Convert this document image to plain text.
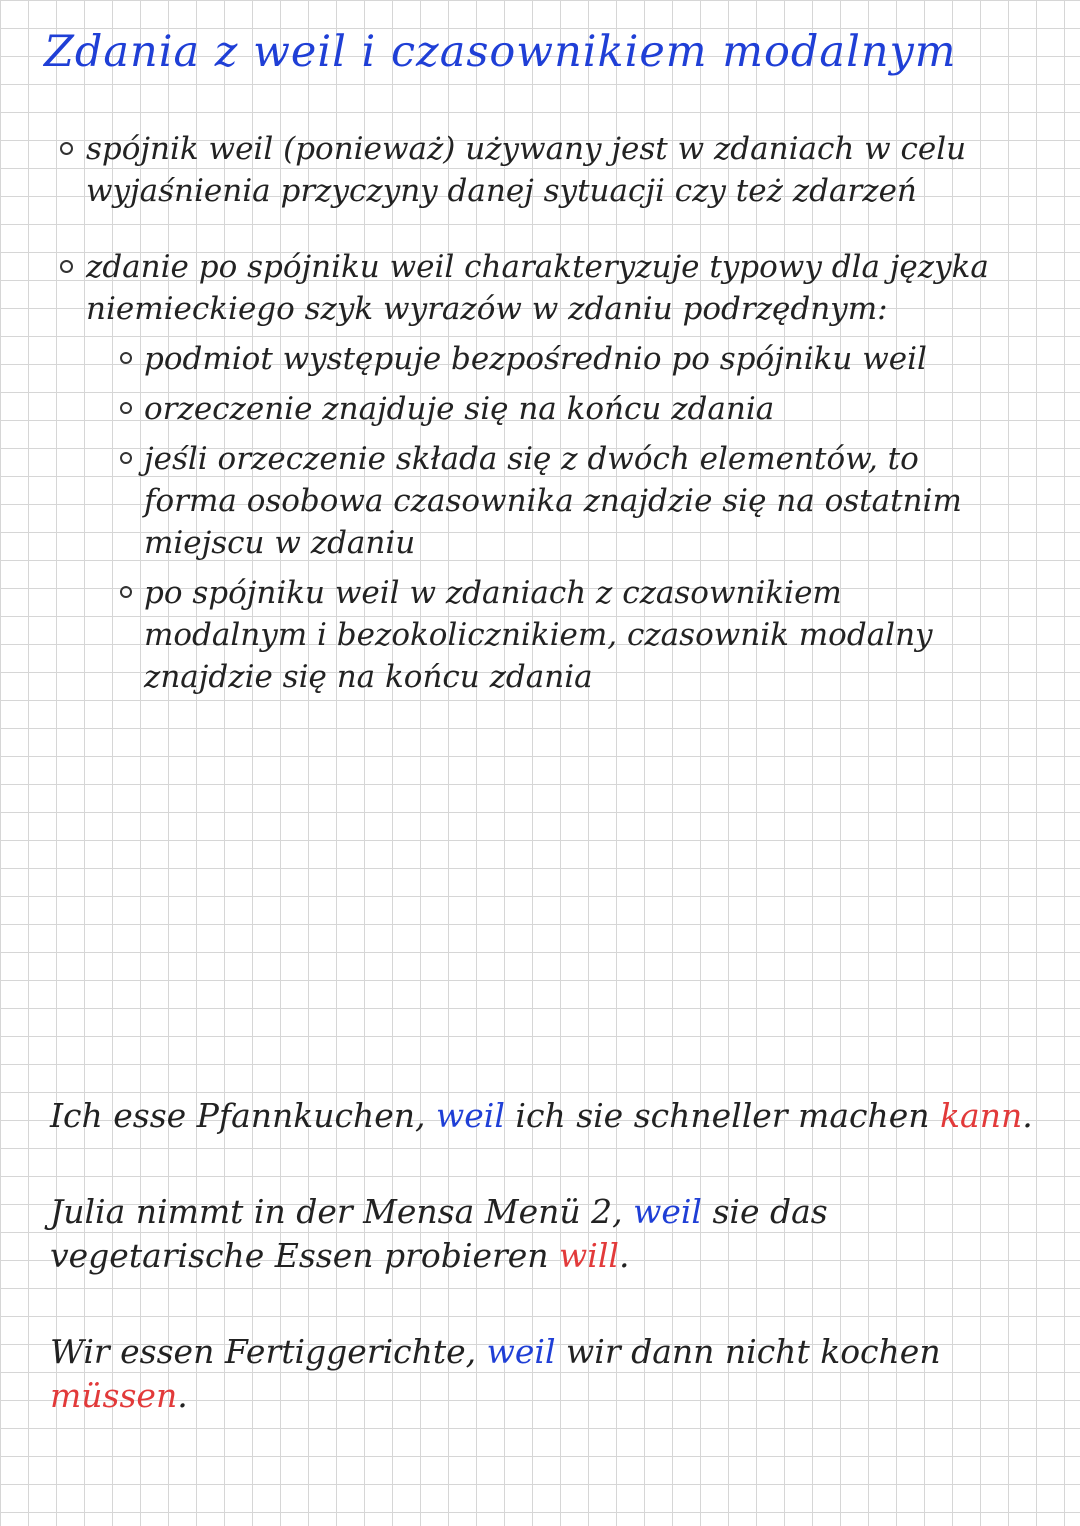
Zdania z weil i czasownikiem modalnym
spójnik weil (ponieważ) używany jest w zdaniach w celu wyjaśnienia przyczyny danej sytuacji czy też zdarzeń
zdanie po spójniku weil charakteryzuje typowy dla języka niemieckiego szyk wyrazów w zdaniu podrzędnym:
podmiot występuje bezpośrednio po spójniku weil
orzeczenie znajduje się na końcu zdania
jeśli orzeczenie składa się z dwóch elementów, to forma osobowa czasownika znajdzie się na ostatnim miejscu w zdaniu
po spójniku weil w zdaniach z czasownikiem modalnym i bezokolicznikiem, czasownik modalny znajdzie się na końcu zdania
Ich esse Pfannkuchen, weil ich sie schneller machen kann.
Julia nimmt in der Mensa Menü 2, weil sie das vegetarische Essen probieren will.
Wir essen Fertiggerichte, weil wir dann nicht kochen müssen.
